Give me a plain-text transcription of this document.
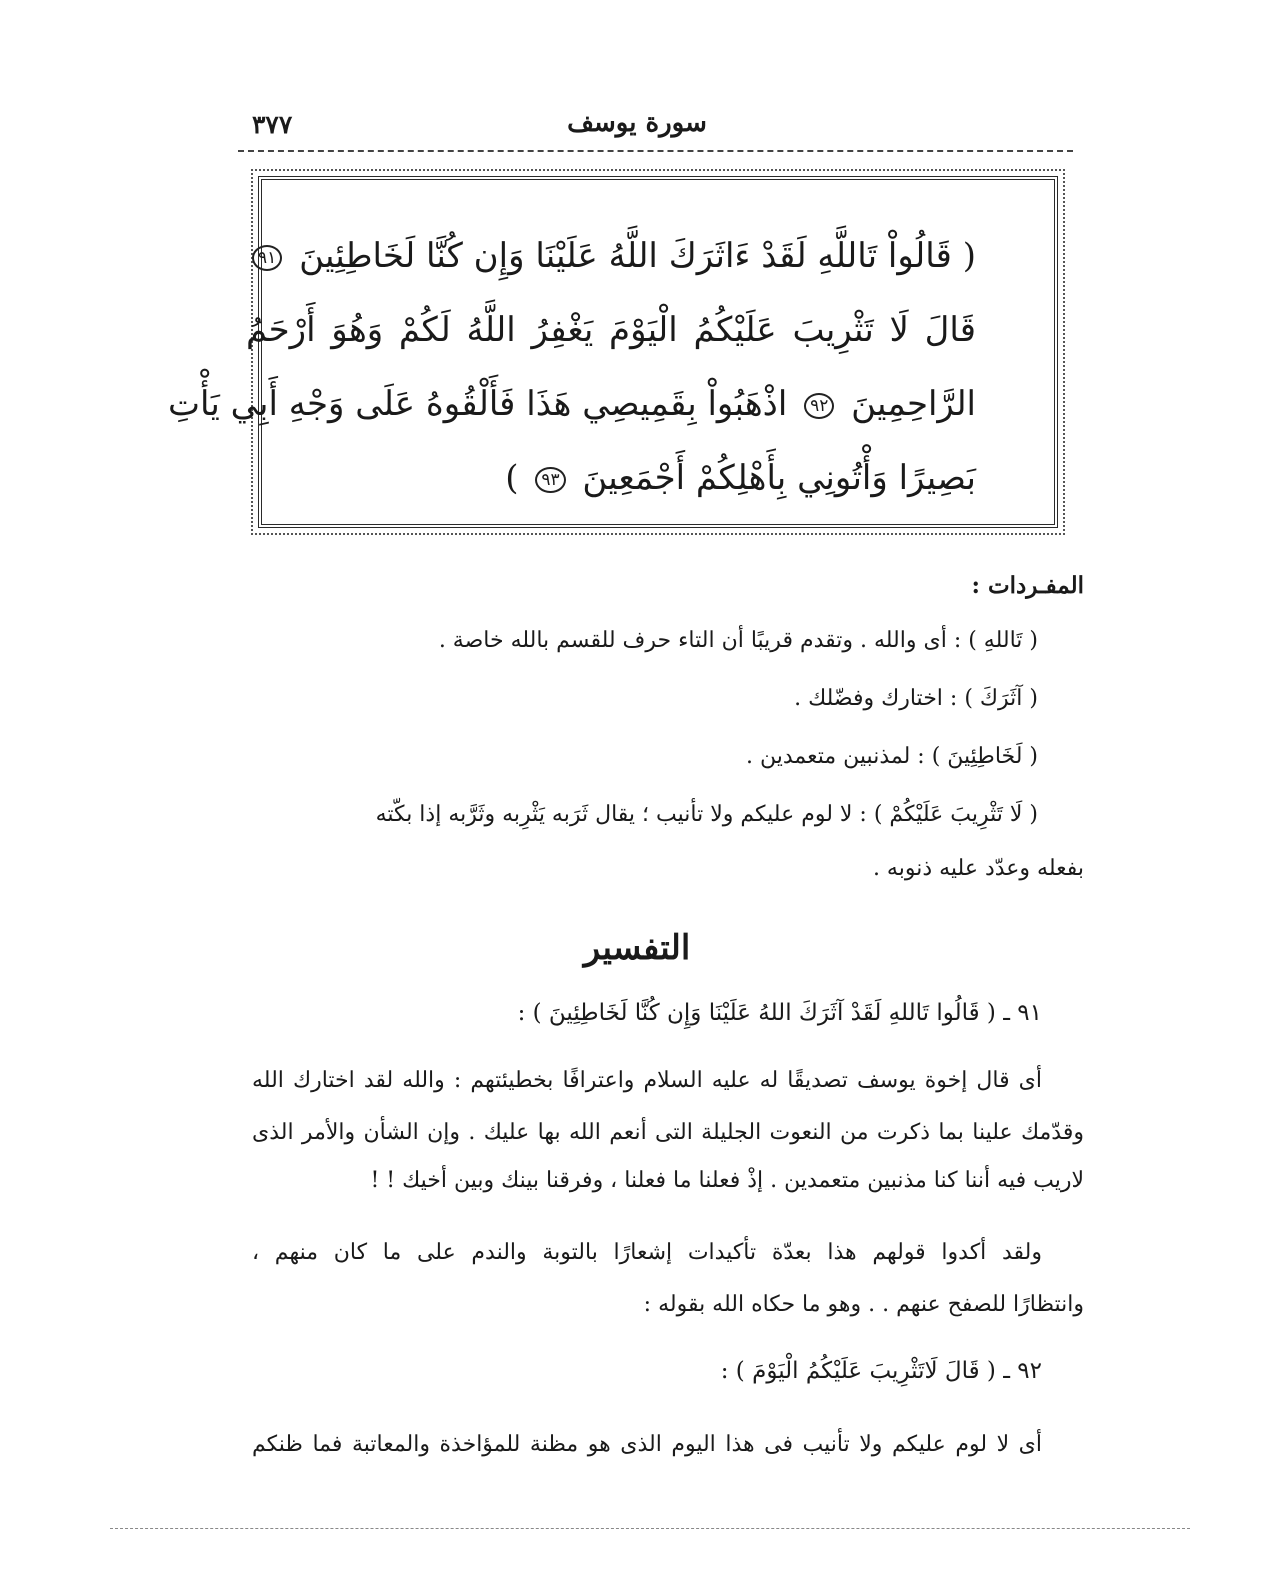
سورة يوسف
٣٧٧
( قَالُواْ تَاللَّهِ لَقَدْ ءَاثَرَكَ اللَّهُ عَلَيْنَا وَإِن كُنَّا لَخَاطِئِينَ ٩١
قَالَ لَا تَثْرِيبَ عَلَيْكُمُ الْيَوْمَ يَغْفِرُ اللَّهُ لَكُمْ وَهُوَ أَرْحَمُ
الرَّاحِمِينَ ٩٢ اذْهَبُواْ بِقَمِيصِي هَذَا فَأَلْقُوهُ عَلَى وَجْهِ أَبِي يَأْتِ
بَصِيرًا وَأْتُونِي بِأَهْلِكُمْ أَجْمَعِينَ ٩٣ )
المفـردات :
( تَاللهِ ) : أى والله . وتقدم قريبًا أن التاء حرف للقسم بالله خاصة .
( آثَرَكَ ) : اختارك وفضّلك .
( لَخَاطِئِينَ ) : لمذنبين متعمدين .
( لَا تَثْرِيبَ عَلَيْكُمْ ) : لا لوم عليكم ولا تأنيب ؛ يقال ثَرَبه يَثْرِبه وثَرَّبه إذا بكّته
بفعله وعدّد عليه ذنوبه .
التفسير
٩١ ـ ( قَالُوا تَاللهِ لَقَدْ آثَرَكَ اللهُ عَلَيْنَا وَإِن كُنَّا لَخَاطِئِينَ ) :
أى قال إخوة يوسف تصديقًا له عليه السلام واعترافًا بخطيئتهم : والله لقد اختارك الله
وقدّمك علينا بما ذكرت من النعوت الجليلة التى أنعم الله بها عليك . وإن الشأن والأمر الذى
لاريب فيه أننا كنا مذنبين متعمدين . إذْ فعلنا ما فعلنا ، وفرقنا بينك وبين أخيك ! !
ولقد أكدوا قولهم هذا بعدّة تأكيدات إشعارًا بالتوبة والندم على ما كان منهم ،
وانتظارًا للصفح عنهم . . وهو ما حكاه الله بقوله :
٩٢ ـ ( قَالَ لَاتَثْرِيبَ عَلَيْكُمُ الْيَوْمَ ) :
أى لا لوم عليكم ولا تأنيب فى هذا اليوم الذى هو مظنة للمؤاخذة والمعاتبة فما ظنكم
